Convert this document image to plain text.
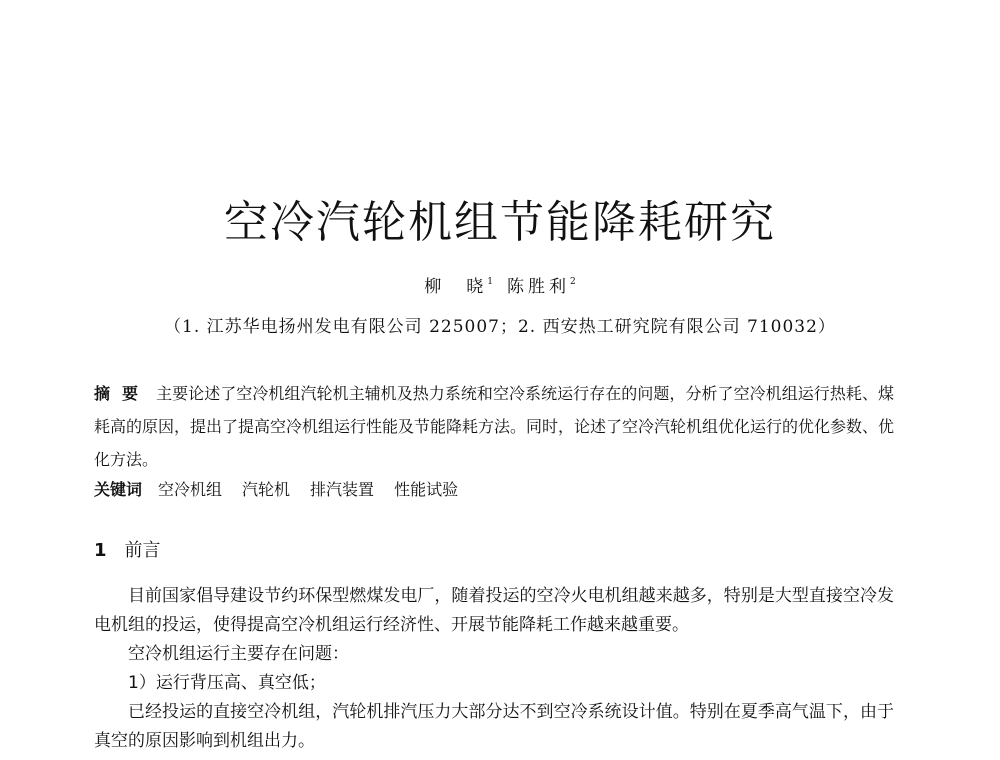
空冷汽轮机组节能降耗研究
柳　晓$^1$ 陈胜利$^2$
（1. 江苏华电扬州发电有限公司 225007；2. 西安热工研究院有限公司 710032）
摘要 主要论述了空冷机组汽轮机主辅机及热力系统和空冷系统运行存在的问题，分析了空冷机组运行热耗、煤耗高的原因，提出了提高空冷机组运行性能及节能降耗方法。同时，论述了空冷汽轮机组优化运行的优化参数、优化方法。
关键词 空冷机组 汽轮机 排汽装置 性能试验
1 前言

目前国家倡导建设节约环保型燃煤发电厂，随着投运的空冷火电机组越来越多，特别是大型直接空冷发电机组的投运，使得提高空冷机组运行经济性、开展节能降耗工作越来越重要。

空冷机组运行主要存在问题：

1）运行背压高、真空低；

已经投运的直接空冷机组，汽轮机排汽压力大部分达不到空冷系统设计值。特别在夏季高气温下，由于真空的原因影响到机组出力。
